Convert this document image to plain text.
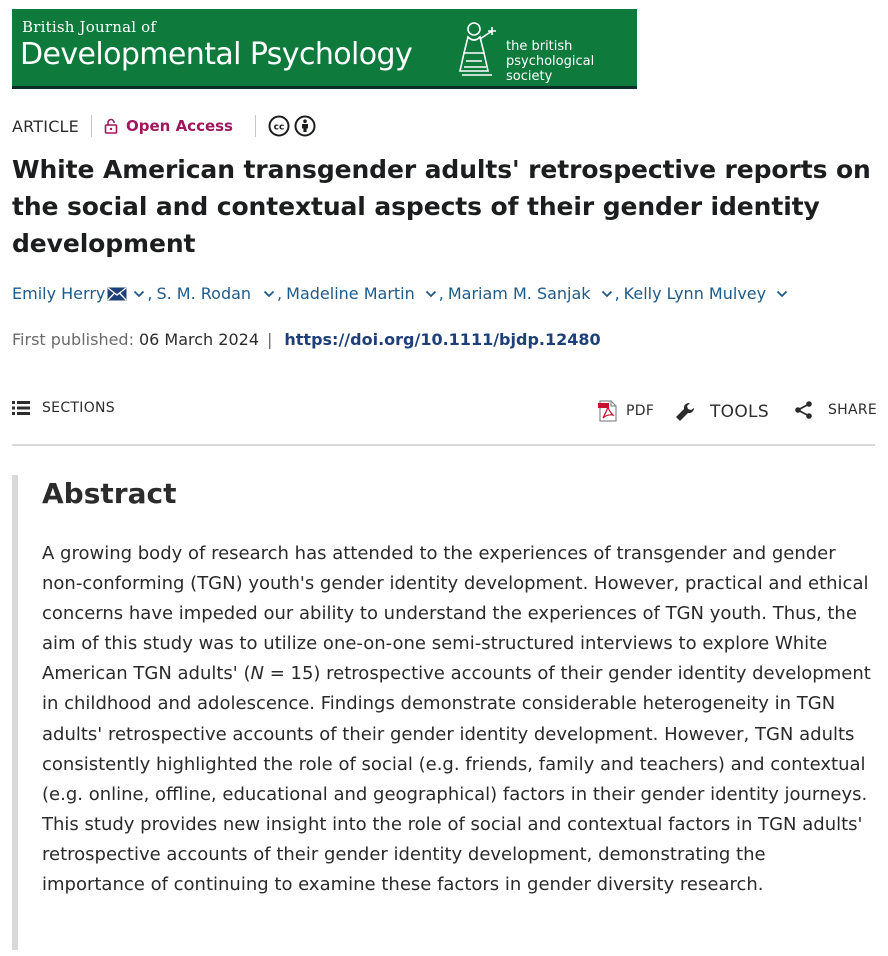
British Journal of
Developmental Psychology	the british
psychological society
ARTICLE	Open Access	cc
White American transgender adults' retrospective reports on the social and contextual aspects of their gender identity development
Emily Herry	, S. M. Rodan , Madeline Martin , Mariam M. Sanjak , Kelly Lynn Mulvey
First published: 06 March 2024 | https://doi.org/10.1111/bjdp.12480
SECTIONS	PDF	TOOLS	SHARE
Abstract

A growing body of research has attended to the experiences of transgender and gender non-conforming (TGN) youth's gender identity development. However, practical and ethical concerns have impeded our ability to understand the experiences of TGN youth. Thus, the aim of this study was to utilize one-on-one semi-structured interviews to explore White American TGN adults' (N = 15) retrospective accounts of their gender identity development in childhood and adolescence. Findings demonstrate considerable heterogeneity in TGN adults' retrospective accounts of their gender identity development. However, TGN adults consistently highlighted the role of social (e.g. friends, family and teachers) and contextual (e.g. online, offline, educational and geographical) factors in their gender identity journeys. This study provides new insight into the role of social and contextual factors in TGN adults' retrospective accounts of their gender identity development, demonstrating the importance of continuing to examine these factors in gender diversity research.
